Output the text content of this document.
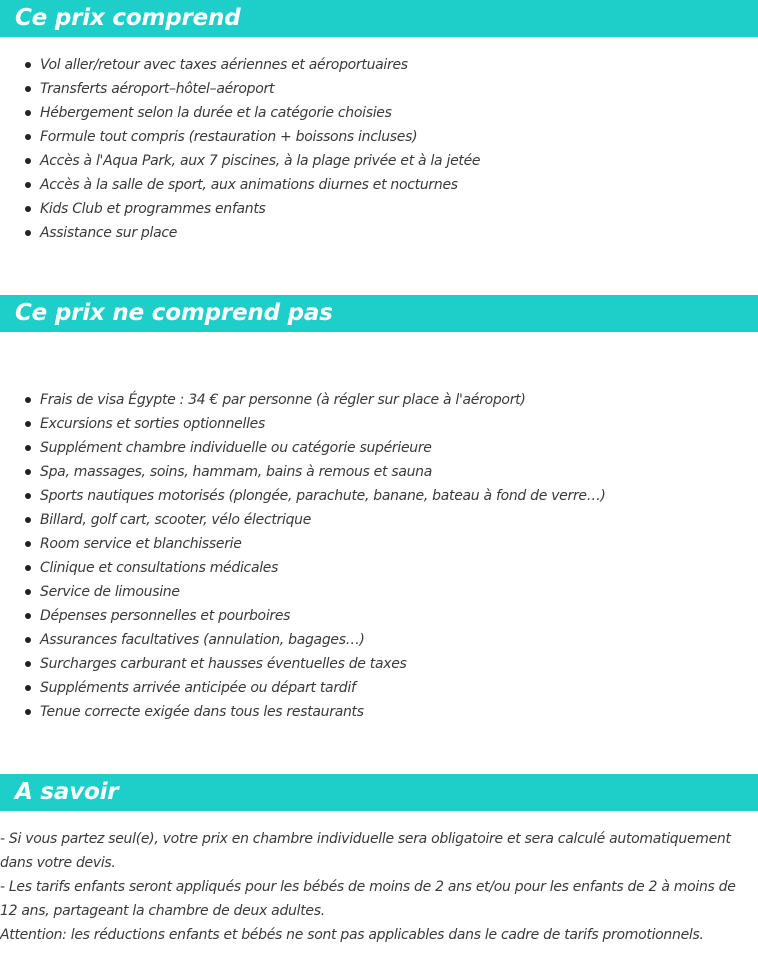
Ce prix comprend
Vol aller/retour avec taxes aériennes et aéroportuaires
Transferts aéroport–hôtel–aéroport
Hébergement selon la durée et la catégorie choisies
Formule tout compris (restauration + boissons incluses)
Accès à l'Aqua Park, aux 7 piscines, à la plage privée et à la jetée
Accès à la salle de sport, aux animations diurnes et nocturnes
Kids Club et programmes enfants
Assistance sur place
Ce prix ne comprend pas
Frais de visa Égypte : 34 € par personne (à régler sur place à l'aéroport)
Excursions et sorties optionnelles
Supplément chambre individuelle ou catégorie supérieure
Spa, massages, soins, hammam, bains à remous et sauna
Sports nautiques motorisés (plongée, parachute, banane, bateau à fond de verre…)
Billard, golf cart, scooter, vélo électrique
Room service et blanchisserie
Clinique et consultations médicales
Service de limousine
Dépenses personnelles et pourboires
Assurances facultatives (annulation, bagages…)
Surcharges carburant et hausses éventuelles de taxes
Suppléments arrivée anticipée ou départ tardif
Tenue correcte exigée dans tous les restaurants
A savoir

- Si vous partez seul(e), votre prix en chambre individuelle sera obligatoire et sera calculé automatiquement dans votre devis.

- Les tarifs enfants seront appliqués pour les bébés de moins de 2 ans et/ou pour les enfants de 2 à moins de 12 ans, partageant la chambre de deux adultes.

Attention: les réductions enfants et bébés ne sont pas applicables dans le cadre de tarifs promotionnels.
